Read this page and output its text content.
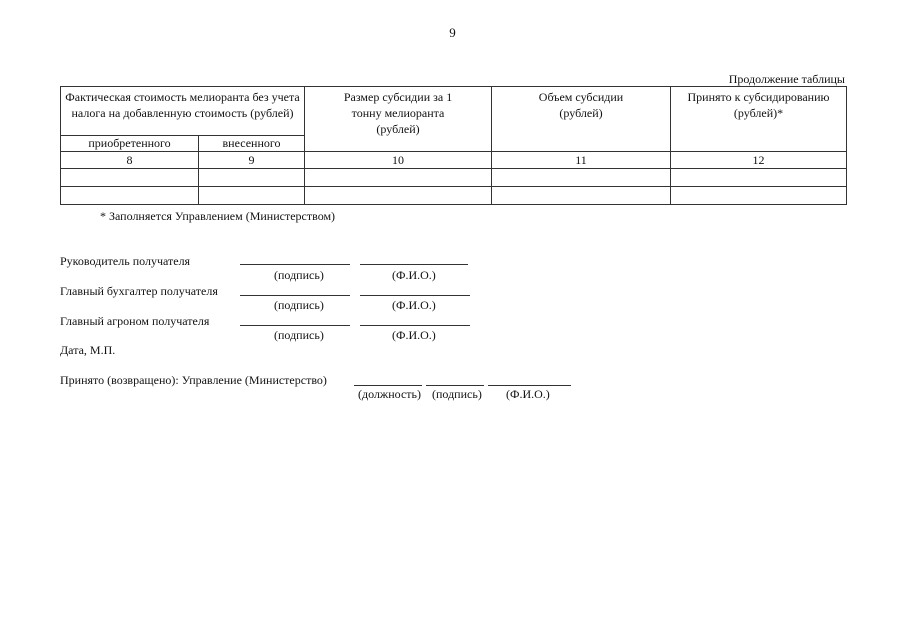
9
Продолжение таблицы
Фактическая стоимость мелиоранта без учета налога на добавленную стоимость (рублей)		Размер субсидии за 1 тонну мелиоранта (рублей)	Объем субсидии (рублей)	Принято к субсидированию (рублей)*

приобретенного	внесенного			
8	9	10	11	12

* Заполняется Управлением (Министерством)
Руководитель получателя
(подпись)	(Ф.И.О.)
Главный бухгалтер получателя
(подпись)	(Ф.И.О.)
Главный агроном получателя
(подпись)	(Ф.И.О.)
Дата, М.П.
Принято (возвращено): Управление (Министерство)
(должность) (подпись) (Ф.И.О.)
